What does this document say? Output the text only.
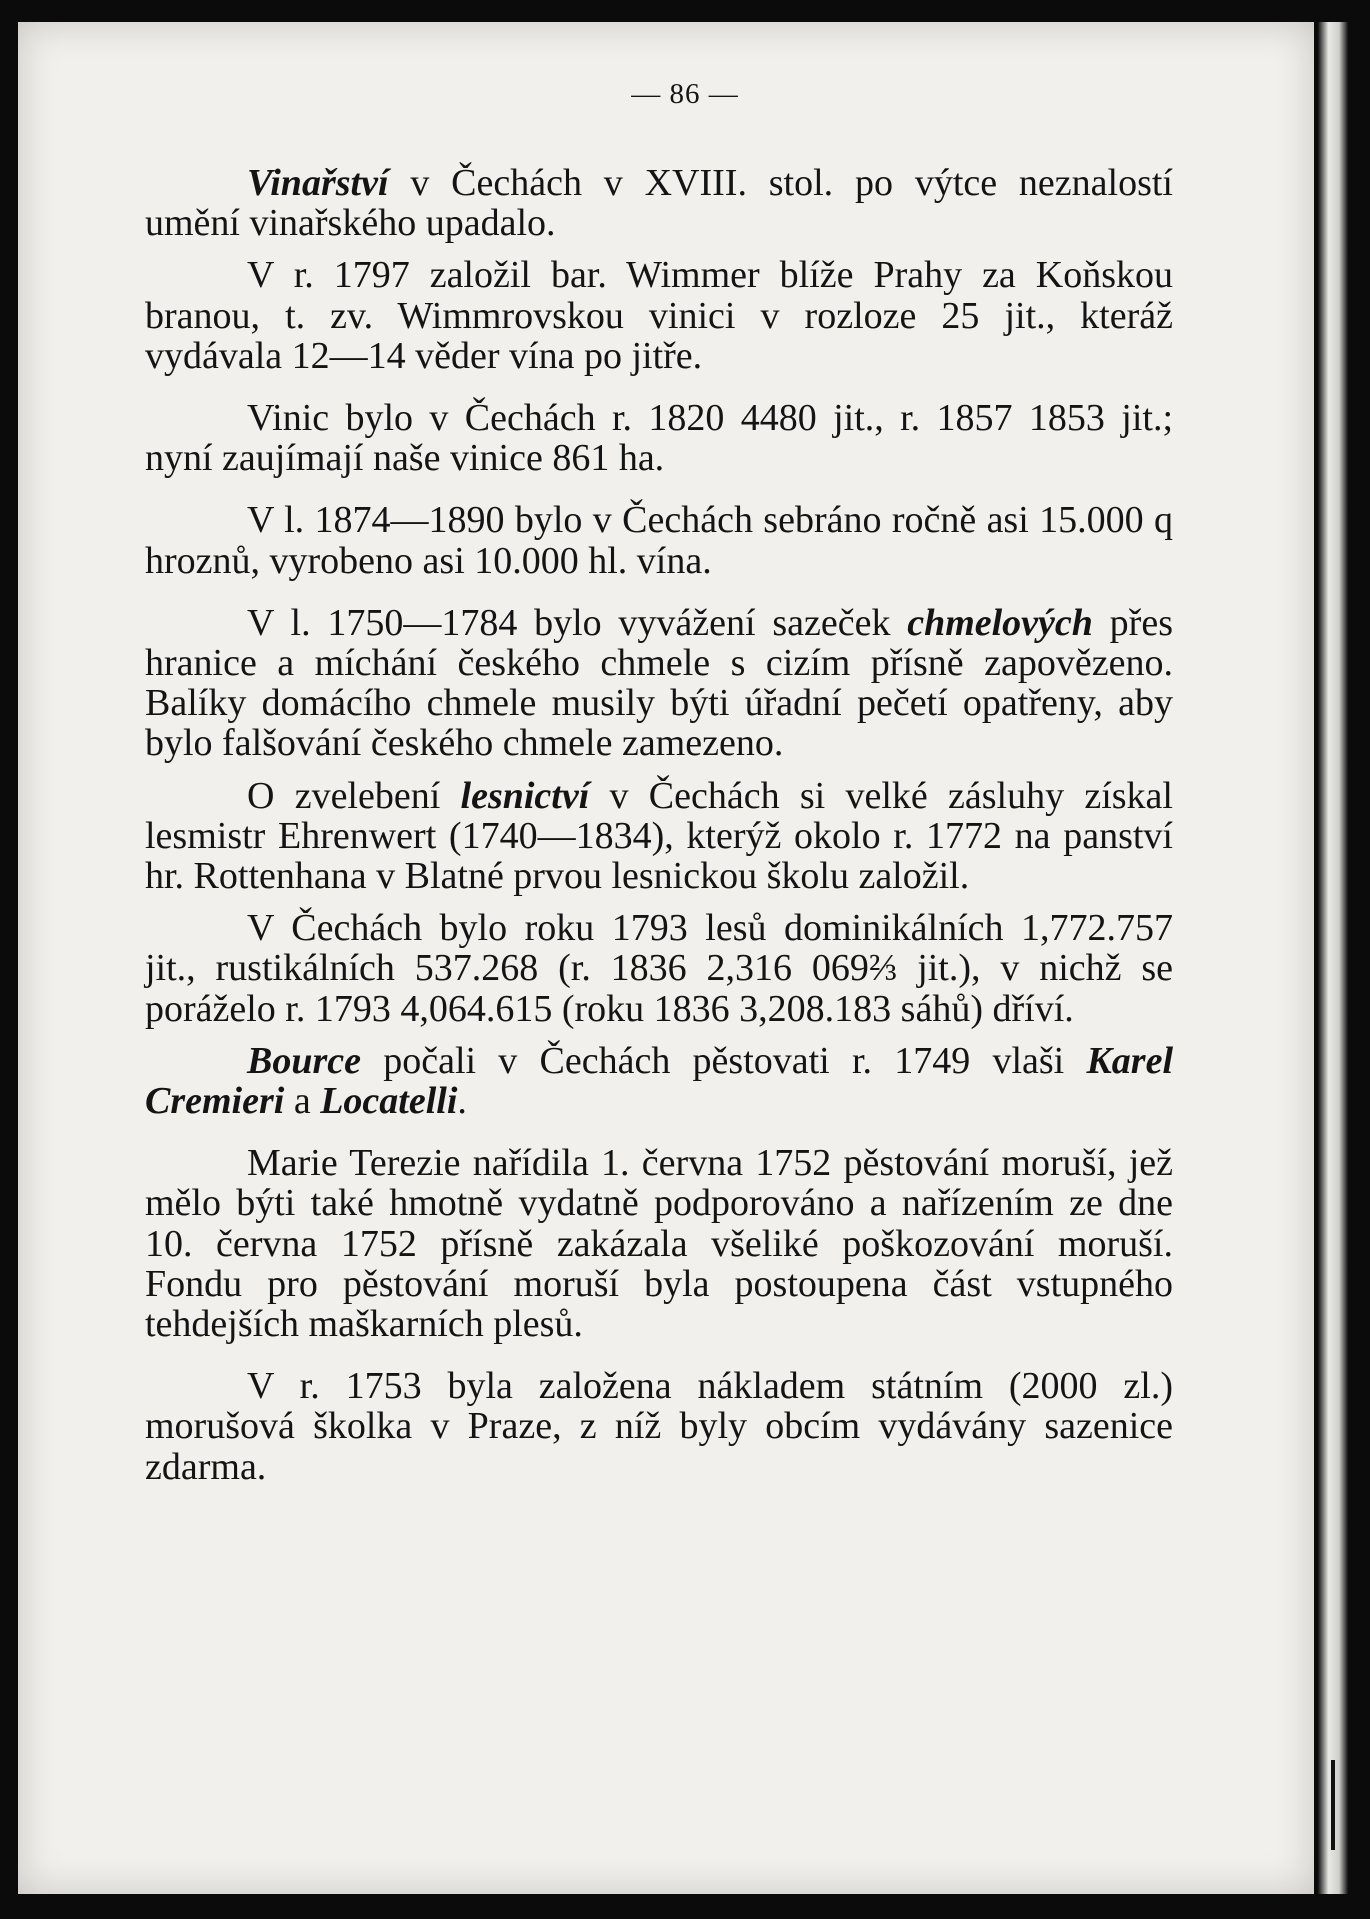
— 86 —

Vinařství v Čechách v XVIII. stol. po výtce neznalostí umění vinařského upadalo.

V r. 1797 založil bar. Wimmer blíže Prahy za Koňskou branou, t. zv. Wimmrovskou vinici v rozloze 25 jit., kteráž vydávala 12—14 věder vína po jitře.

Vinic bylo v Čechách r. 1820 4480 jit., r. 1857 1853 jit.; nyní zaujímají naše vinice 861 ha.

V l. 1874—1890 bylo v Čechách sebráno ročně asi 15.000 q hroznů, vyrobeno asi 10.000 hl. vína.

V l. 1750—1784 bylo vyvážení sazeček chmelových přes hranice a míchání českého chmele s cizím přísně zapovězeno. Balíky domácího chmele musily býti úřadní pečetí opatřeny, aby bylo falšování českého chmele zamezeno.

O zvelebení lesnictví v Čechách si velké zásluhy získal lesmistr Ehrenwert (1740—1834), kterýž okolo r. 1772 na panství hr. Rottenhana v Blatné prvou lesnickou školu založil.

V Čechách bylo roku 1793 lesů dominikálních 1,772.757 jit., rustikálních 537.268 (r. 1836 2,316 069⅔ jit.), v nichž se poráželo r. 1793 4,064.615 (roku 1836 3,208.183 sáhů) dříví.

Bource počali v Čechách pěstovati r. 1749 vlaši Karel Cremieri a Locatelli.

Marie Terezie nařídila 1. června 1752 pěstování moruší, jež mělo býti také hmotně vydatně podporováno a nařízením ze dne 10. června 1752 přísně zakázala všeliké poškozování moruší. Fondu pro pěstování moruší byla postoupena část vstupného tehdejších maškarních plesů.

V r. 1753 byla založena nákladem státním (2000 zl.) morušová školka v Praze, z níž byly obcím vydávány sazenice zdarma.
